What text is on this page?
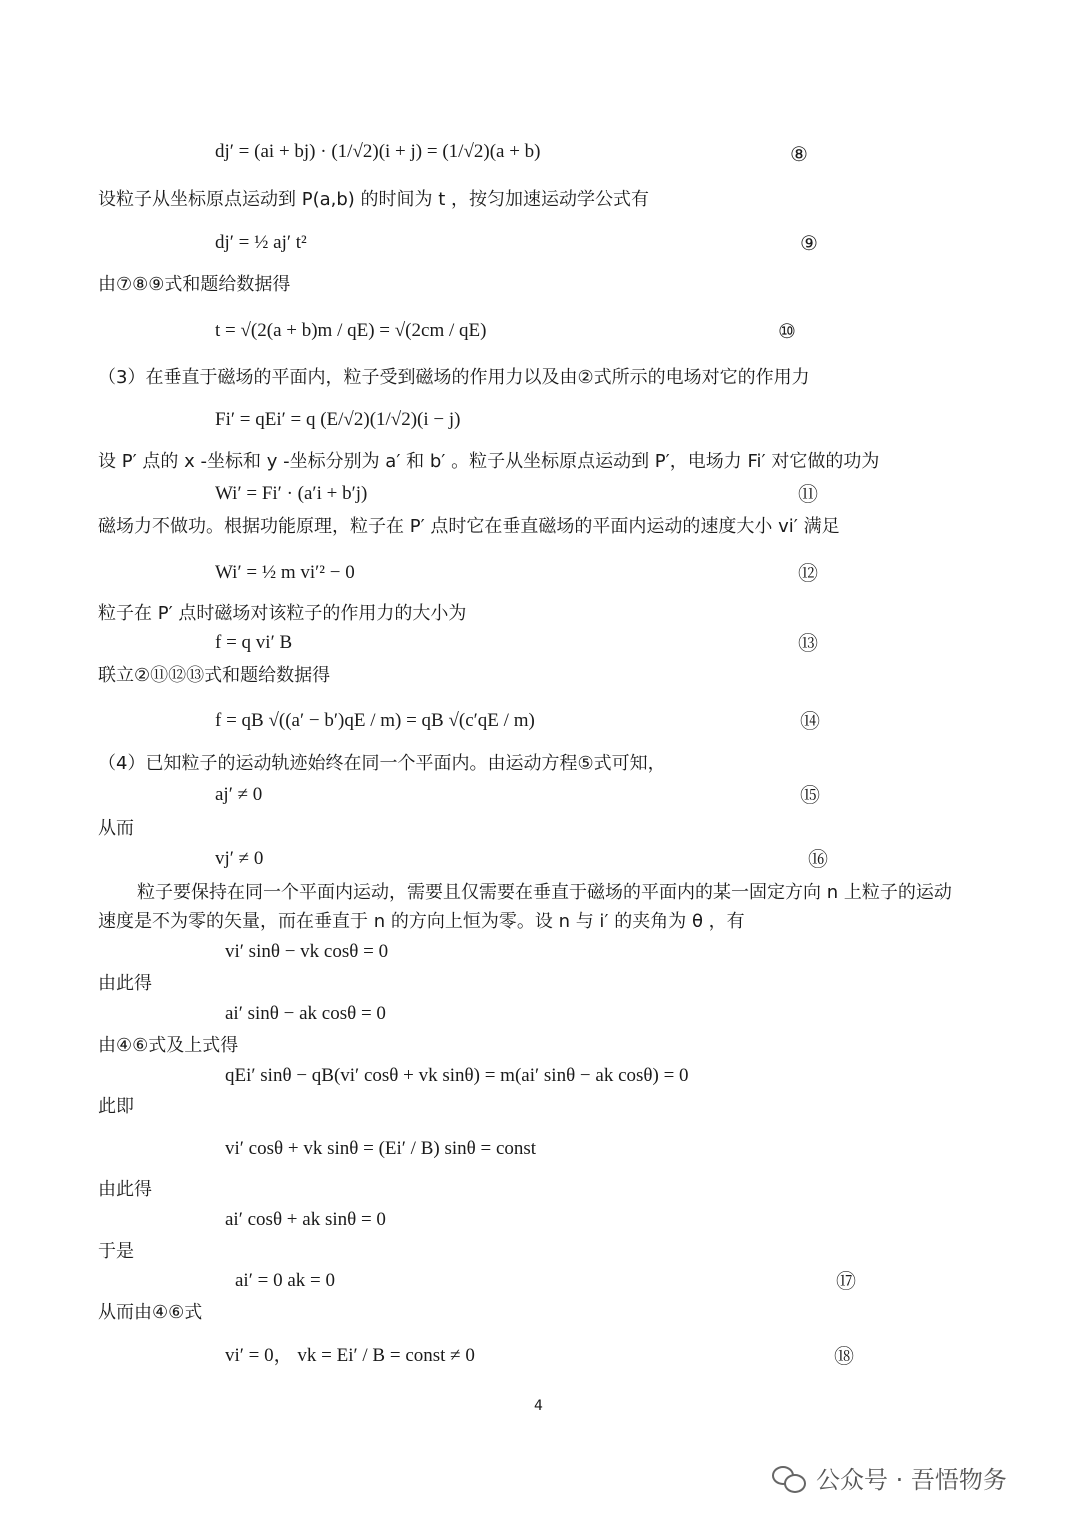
dj′ = (ai + bj) · (1/√2)(i + j) = (1/√2)(a + b)	⑧
设粒子从坐标原点运动到 P(a,b) 的时间为 t ，按匀加速运动学公式有
dj′ = ½ aj′ t²	⑨
由⑦⑧⑨式和题给数据得
t = √(2(a + b)m / qE) = √(2cm / qE)	⑩
（3）在垂直于磁场的平面内，粒子受到磁场的作用力以及由②式所示的电场对它的作用力
Fi′ = qEi′ = q (E/√2)(1/√2)(i − j)
设 P′ 点的 x -坐标和 y -坐标分别为 a′ 和 b′ 。粒子从坐标原点运动到 P′，电场力 Fi′ 对它做的功为
Wi′ = Fi′ · (a′i + b′j)	⑪
磁场力不做功。根据功能原理，粒子在 P′ 点时它在垂直磁场的平面内运动的速度大小 vi′ 满足
Wi′ = ½ m vi′² − 0	⑫
粒子在 P′ 点时磁场对该粒子的作用力的大小为
f = q vi′ B	⑬
联立②⑪⑫⑬式和题给数据得
f = qB √((a′ − b′)qE / m) = qB √(c′qE / m)	⑭
（4）已知粒子的运动轨迹始终在同一个平面内。由运动方程⑤式可知，
aj′ ≠ 0	⑮
从而
vj′ ≠ 0	⑯
粒子要保持在同一个平面内运动，需要且仅需要在垂直于磁场的平面内的某一固定方向 n 上粒子的运动
速度是不为零的矢量，而在垂直于 n 的方向上恒为零。设 n 与 i′ 的夹角为 θ ，有
vi′ sinθ − vk cosθ = 0
由此得
ai′ sinθ − ak cosθ = 0
由④⑥式及上式得
qEi′ sinθ − qB(vi′ cosθ + vk sinθ) = m(ai′ sinθ − ak cosθ) = 0
此即
vi′ cosθ + vk sinθ = (Ei′ / B) sinθ = const
由此得
ai′ cosθ + ak sinθ = 0
于是
ai′ = 0 ak = 0	⑰
从而由④⑥式
vi′ = 0， vk = Ei′ / B = const ≠ 0	⑱
4
公众号 · 吾悟物务
